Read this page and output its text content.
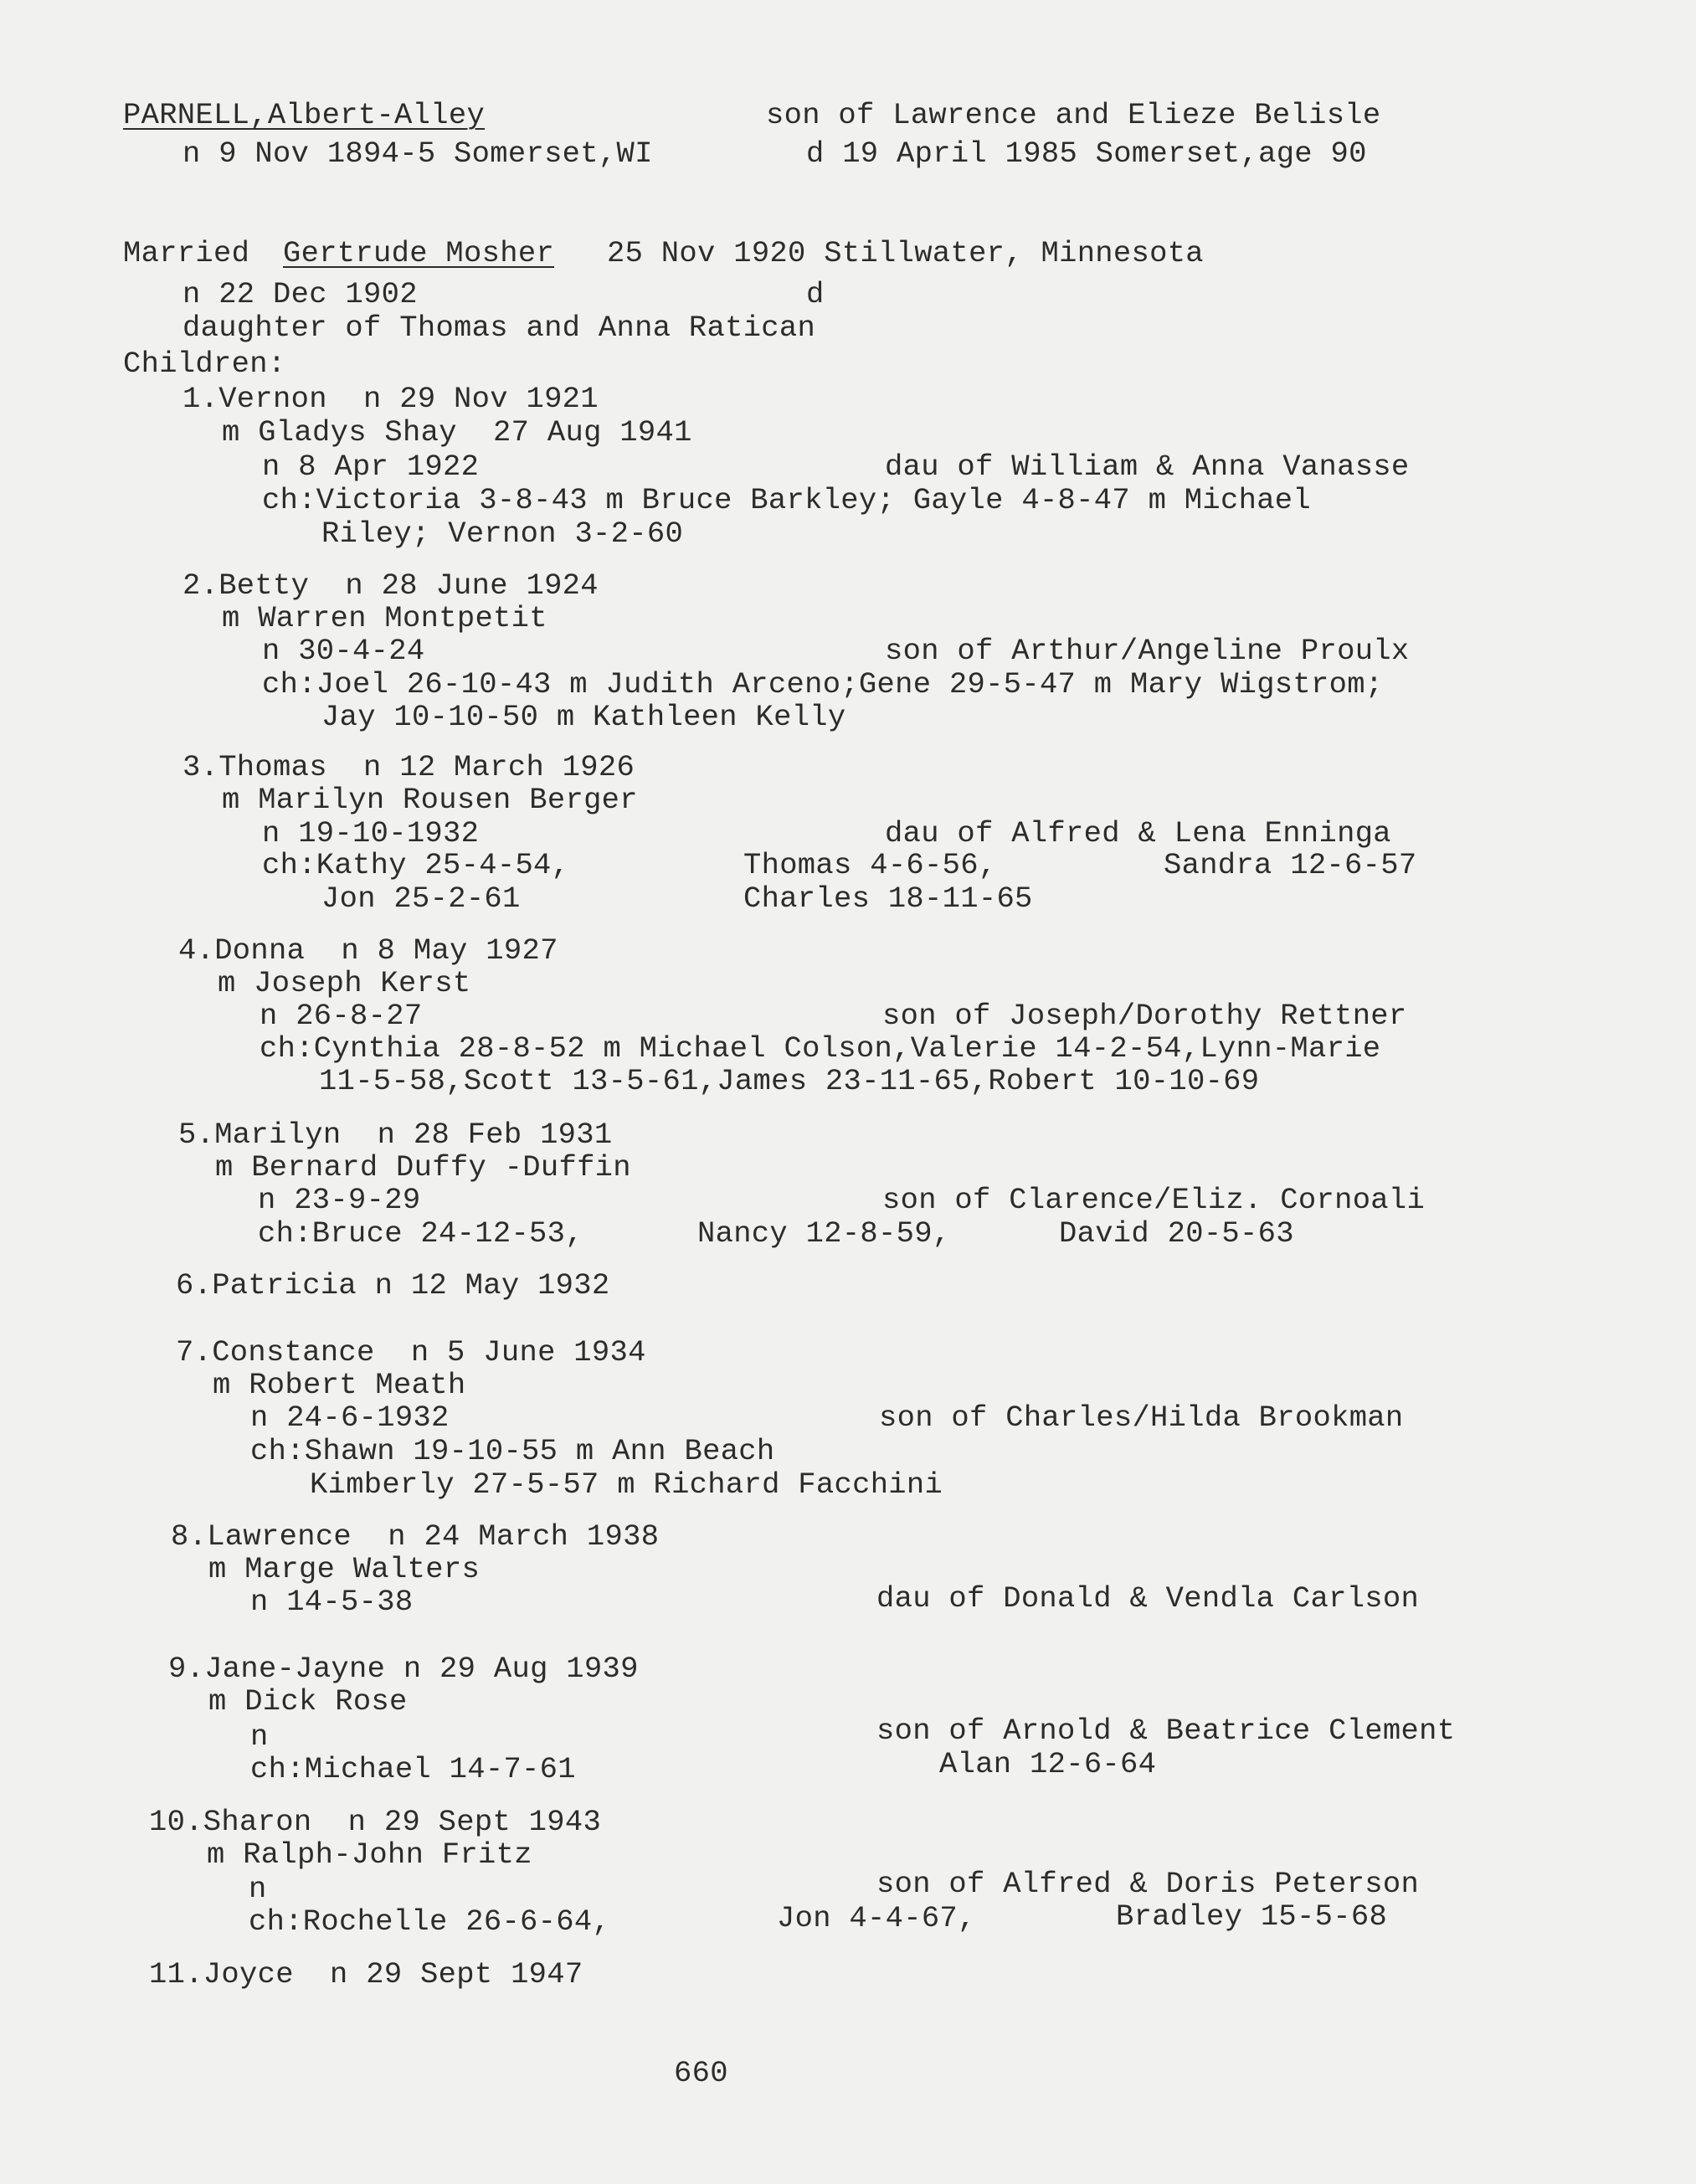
PARNELL,Albert-Alley	son of Lawrence and Elieze Belisle
n 9 Nov 1894-5 Somerset,WI	d 19 April 1985 Somerset,age 90
Married Gertrude Mosher 25 Nov 1920 Stillwater, Minnesota
n 22 Dec 1902	d
daughter of Thomas and Anna Ratican
Children:
1.Vernon  n 29 Nov 1921
m Gladys Shay  27 Aug 1941
n 8 Apr 1922	dau of William & Anna Vanasse
ch:Victoria 3-8-43 m Bruce Barkley; Gayle 4-8-47 m Michael
Riley; Vernon 3-2-60
2.Betty  n 28 June 1924
m Warren Montpetit
n 30-4-24	son of Arthur/Angeline Proulx
ch:Joel 26-10-43 m Judith Arceno;Gene 29-5-47 m Mary Wigstrom;
Jay 10-10-50 m Kathleen Kelly
3.Thomas  n 12 March 1926
m Marilyn Rousen Berger
n 19-10-1932	dau of Alfred & Lena Enninga
ch:Kathy 25-4-54,	Thomas 4-6-56,	Sandra 12-6-57
Jon 25-2-61	Charles 18-11-65
4.Donna  n 8 May 1927
m Joseph Kerst
n 26-8-27	son of Joseph/Dorothy Rettner
ch:Cynthia 28-8-52 m Michael Colson,Valerie 14-2-54,Lynn-Marie
11-5-58,Scott 13-5-61,James 23-11-65,Robert 10-10-69
5.Marilyn  n 28 Feb 1931
m Bernard Duffy -Duffin
n 23-9-29	son of Clarence/Eliz. Cornoali
ch:Bruce 24-12-53,	Nancy 12-8-59,	David 20-5-63
6.Patricia n 12 May 1932
7.Constance  n 5 June 1934
m Robert Meath
n 24-6-1932	son of Charles/Hilda Brookman
ch:Shawn 19-10-55 m Ann Beach
Kimberly 27-5-57 m Richard Facchini
8.Lawrence  n 24 March 1938
m Marge Walters
n 14-5-38	dau of Donald & Vendla Carlson
9.Jane-Jayne n 29 Aug 1939
m Dick Rose
n	son of Arnold & Beatrice Clement
ch:Michael 14-7-61	Alan 12-6-64
10.Sharon  n 29 Sept 1943
m Ralph-John Fritz
n	son of Alfred & Doris Peterson
ch:Rochelle 26-6-64,	Jon 4-4-67,	Bradley 15-5-68
11.Joyce  n 29 Sept 1947
660
